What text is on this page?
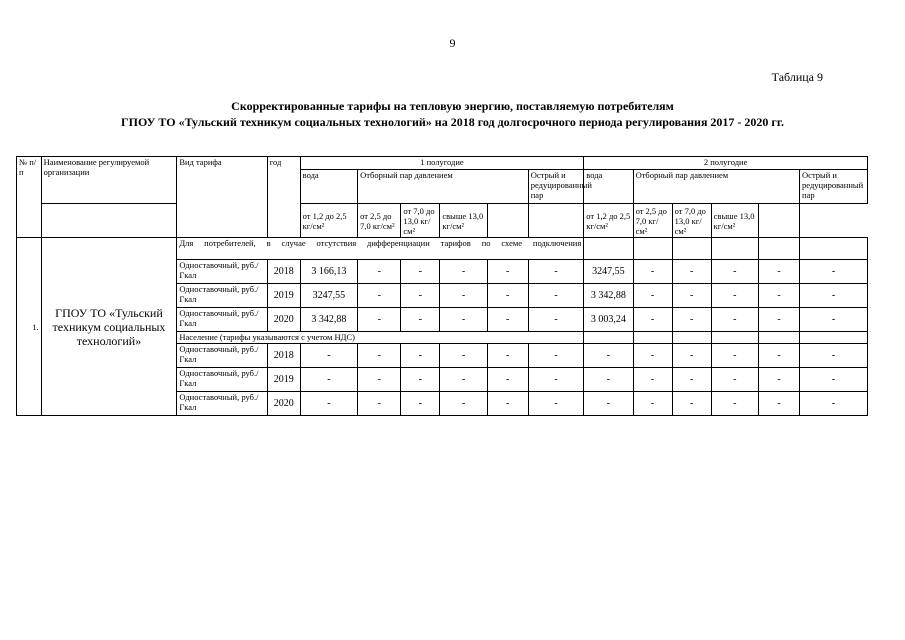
9
Таблица 9
Скорректированные тарифы на тепловую энергию, поставляемую потребителям
ГПОУ ТО «Тульский техникум социальных технологий» на 2018 год долгосрочного периода регулирования 2017 - 2020 гг.
№ п/п	Наименование регулируемой организации	Вид тарифа	год	1 полугодие						2 полугодие					
				вода	Отборный пар давлением				Острый и редуцированный пар	вода	Отборный пар давлением				Острый и редуцированный пар
				от 1,2 до 2,5 кг/см²	от 2,5 до 7,0 кг/см²	от 7,0 до 13,0 кг/см²	свыше 13,0 кг/см²			от 1,2 до 2,5 кг/см²	от 2,5 до 7,0 кг/см²	от 7,0 до 13,0 кг/см²	свыше 13,0 кг/см²		
1.	ГПОУ ТО «Тульский техникум социальных технологий»	Для потребителей, в случае отсутствия дифференциации тарифов по схеме подключения													
		Одноставочный, руб./Гкал	2018	3 166,13	-	-	-	-	-	3247,55	-	-	-	-	-
		Одноставочный, руб./Гкал	2019	3247,55	-	-	-	-	-	3 342,88	-	-	-	-	-
		Одноставочный, руб./Гкал	2020	3 342,88	-	-	-	-	-	3 003,24	-	-	-	-	-
		Население (тарифы указываются с учетом НДС)													
		Одноставочный, руб./Гкал	2018	-	-	-	-	-	-	-	-	-	-	-	-
		Одноставочный, руб./Гкал	2019	-	-	-	-	-	-	-	-	-	-	-	-
		Одноставочный, руб./Гкал	2020	-	-	-	-	-	-	-	-	-	-	-	-
